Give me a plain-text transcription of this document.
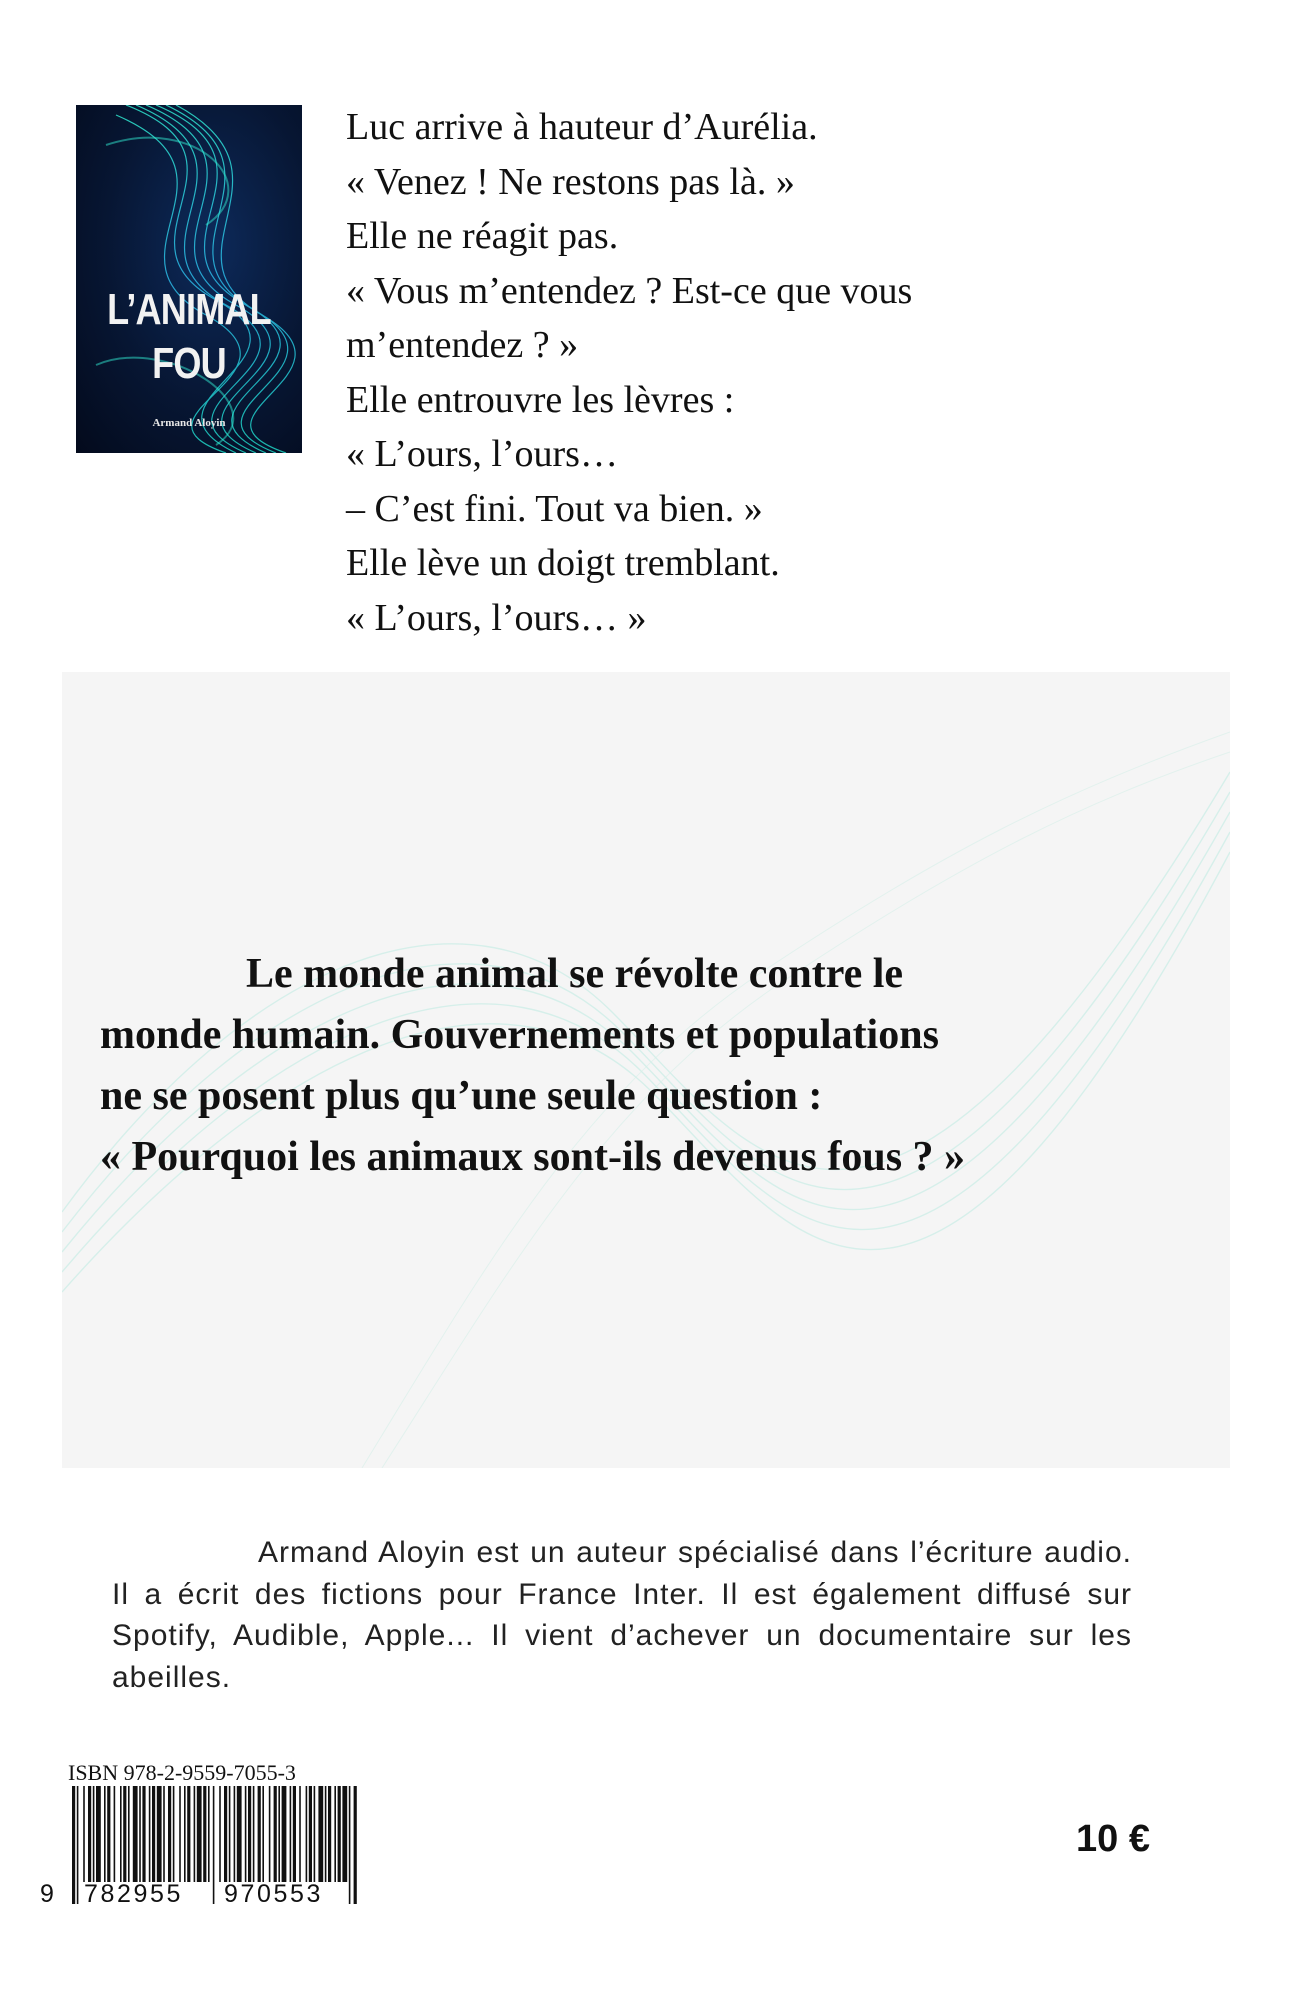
L’ANIMAL
FOU
Armand Aloyin
Luc arrive à hauteur d’Aurélia.
« Venez ! Ne restons pas là. »
Elle ne réagit pas.
« Vous m’entendez ? Est-ce que vous
m’entendez ? »
Elle entrouvre les lèvres :
« L’ours, l’ours…
– C’est fini. Tout va bien. »
Elle lève un doigt tremblant.
« L’ours, l’ours… »
Le monde animal se révolte contre le
monde humain. Gouvernements et populations
ne se posent plus qu’une seule question :
« Pourquoi les animaux sont-ils devenus fous ? »
Armand Aloyin est un auteur spécialisé dans l’écriture audio. Il a écrit des fictions pour France Inter. Il est également diffusé sur Spotify, Audible, Apple... Il vient d’achever un documentaire sur les abeilles.
ISBN 978-2-9559-7055-3
9 782955 970553
10 €
